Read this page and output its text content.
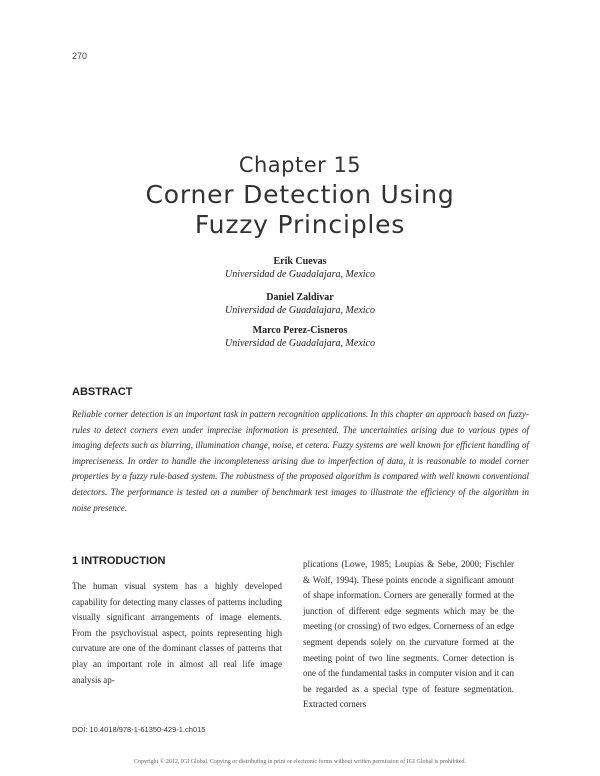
270
Chapter 15
Corner Detection Using
Fuzzy Principles
Erik Cuevas
Universidad de Guadalajara, Mexico
Daniel Zaldivar
Universidad de Guadalajara, Mexico
Marco Perez-Cisneros
Universidad de Guadalajara, Mexico
ABSTRACT
Reliable corner detection is an important task in pattern recognition applications. In this chapter an approach based on fuzzy-rules to detect corners even under imprecise information is presented. The uncertainties arising due to various types of imaging defects such as blurring, illumination change, noise, et cetera. Fuzzy systems are well known for efficient handling of impreciseness. In order to handle the incompleteness arising due to imperfection of data, it is reasonable to model corner properties by a fuzzy rule-based system. The robustness of the proposed algorithm is compared with well known conventional detectors. The performance is tested on a number of benchmark test images to illustrate the efficiency of the algorithm in noise presence.
1 INTRODUCTION
The human visual system has a highly developed capability for detecting many classes of patterns including visually significant arrangements of image elements. From the psychovisual aspect, points representing high curvature are one of the dominant classes of patterns that play an important role in almost all real life image analysis ap-
plications (Lowe, 1985; Loupias & Sebe, 2000; Fischler & Wolf, 1994). These points encode a significant amount of shape information. Corners are generally formed at the junction of different edge segments which may be the meeting (or crossing) of two edges. Cornerness of an edge segment depends solely on the curvature formed at the meeting point of two line segments. Corner detection is one of the fundamental tasks in computer vision and it can be regarded as a special type of feature segmentation. Extracted corners
DOI: 10.4018/978-1-61350-429-1.ch015
Copyright © 2012, IGI Global. Copying or distributing in print or electronic forms without written permission of IGI Global is prohibited.
